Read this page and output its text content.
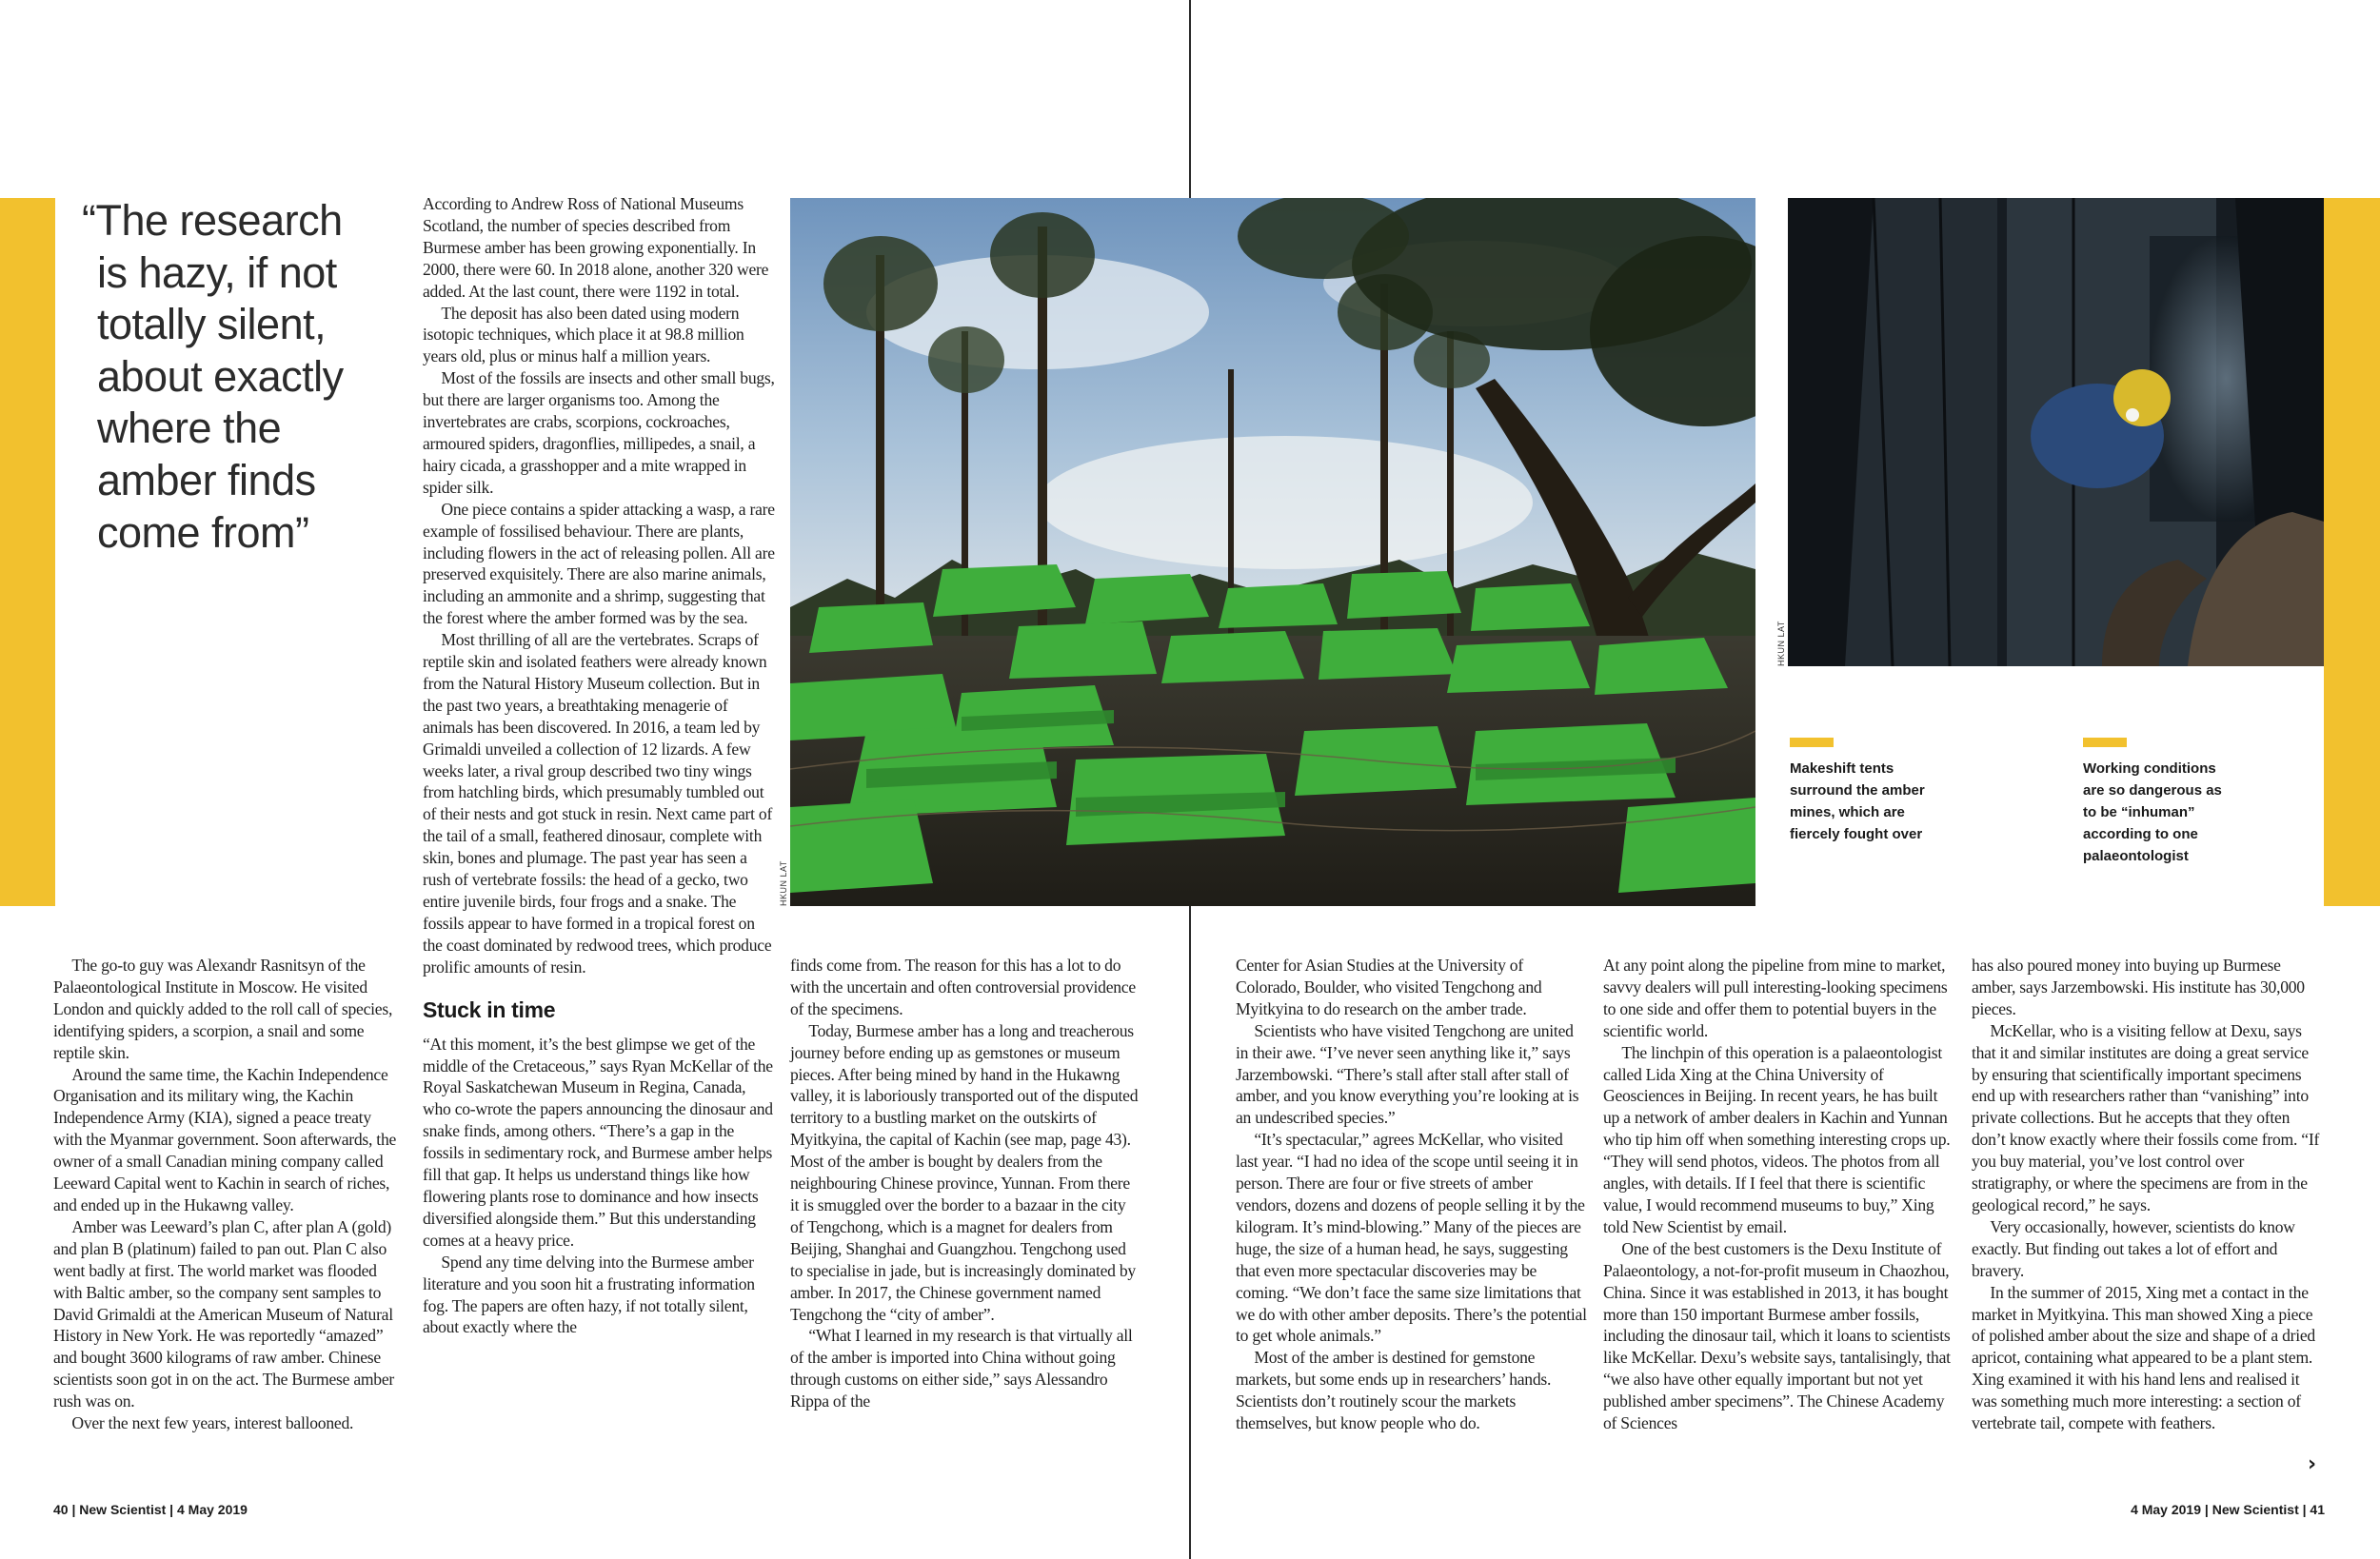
“The research
is hazy, if not
totally silent,
about exactly
where the
amber finds
come from”

According to Andrew Ross of National Museums Scotland, the number of species described from Burmese amber has been growing exponentially. In 2000, there were 60. In 2018 alone, another 320 were added. At the last count, there were 1192 in total.

The deposit has also been dated using modern isotopic techniques, which place it at 98.8 million years old, plus or minus half a million years.

Most of the fossils are insects and other small bugs, but there are larger organisms too. Among the invertebrates are crabs, scorpions, cockroaches, armoured spiders, dragonflies, millipedes, a snail, a hairy cicada, a grasshopper and a mite wrapped in spider silk.

One piece contains a spider attacking a wasp, a rare example of fossilised behaviour. There are plants, including flowers in the act of releasing pollen. All are preserved exquisitely. There are also marine animals, including an ammonite and a shrimp, suggesting that the forest where the amber formed was by the sea.

Most thrilling of all are the vertebrates. Scraps of reptile skin and isolated feathers were already known from the Natural History Museum collection. But in the past two years, a breathtaking menagerie of animals has been discovered. In 2016, a team led by Grimaldi unveiled a collection of 12 lizards. A few weeks later, a rival group described two tiny wings from hatchling birds, which presumably tumbled out of their nests and got stuck in resin. Next came part of the tail of a small, feathered dinosaur, complete with skin, bones and plumage. The past year has seen a rush of vertebrate fossils: the head of a gecko, two entire juvenile birds, four frogs and a snake. The fossils appear to have formed in a tropical forest on the coast dominated by redwood trees, which produce prolific amounts of resin.

Stuck in time

“At this moment, it’s the best glimpse we get of the middle of the Cretaceous,” says Ryan McKellar of the Royal Saskatchewan Museum in Regina, Canada, who co-wrote the papers announcing the dinosaur and snake finds, among others. “There’s a gap in the fossils in sedimentary rock, and Burmese amber helps fill that gap. It helps us understand things like how flowering plants rose to dominance and how insects diversified alongside them.” But this understanding comes at a heavy price.

Spend any time delving into the Burmese amber literature and you soon hit a frustrating information fog. The papers are often hazy, if not totally silent, about exactly where the

HKUN LAT
HKUN LAT
Makeshift tents
surround the amber
mines, which are
fiercely fought over
Working conditions
are so dangerous as
to be “inhuman”
according to one
palaeontologist

The go-to guy was Alexandr Rasnitsyn of the Palaeontological Institute in Moscow. He visited London and quickly added to the roll call of species, identifying spiders, a scorpion, a snail and some reptile skin.

Around the same time, the Kachin Independence Organisation and its military wing, the Kachin Independence Army (KIA), signed a peace treaty with the Myanmar government. Soon afterwards, the owner of a small Canadian mining company called Leeward Capital went to Kachin in search of riches, and ended up in the Hukawng valley.

Amber was Leeward’s plan C, after plan A (gold) and plan B (platinum) failed to pan out. Plan C also went badly at first. The world market was flooded with Baltic amber, so the company sent samples to David Grimaldi at the American Museum of Natural History in New York. He was reportedly “amazed” and bought 3600 kilograms of raw amber. Chinese scientists soon got in on the act. The Burmese amber rush was on.

Over the next few years, interest ballooned.

finds come from. The reason for this has a lot to do with the uncertain and often controversial providence of the specimens.

Today, Burmese amber has a long and treacherous journey before ending up as gemstones or museum pieces. After being mined by hand in the Hukawng valley, it is laboriously transported out of the disputed territory to a bustling market on the outskirts of Myitkyina, the capital of Kachin (see map, page 43). Most of the amber is bought by dealers from the neighbouring Chinese province, Yunnan. From there it is smuggled over the border to a bazaar in the city of Tengchong, which is a magnet for dealers from Beijing, Shanghai and Guangzhou. Tengchong used to specialise in jade, but is increasingly dominated by amber. In 2017, the Chinese government named Tengchong the “city of amber”.

“What I learned in my research is that virtually all of the amber is imported into China without going through customs on either side,” says Alessandro Rippa of the

Center for Asian Studies at the University of Colorado, Boulder, who visited Tengchong and Myitkyina to do research on the amber trade.

Scientists who have visited Tengchong are united in their awe. “I’ve never seen anything like it,” says Jarzembowski. “There’s stall after stall after stall of amber, and you know everything you’re looking at is an undescribed species.”

“It’s spectacular,” agrees McKellar, who visited last year. “I had no idea of the scope until seeing it in person. There are four or five streets of amber vendors, dozens and dozens of people selling it by the kilogram. It’s mind-blowing.” Many of the pieces are huge, the size of a human head, he says, suggesting that even more spectacular discoveries may be coming. “We don’t face the same size limitations that we do with other amber deposits. There’s the potential to get whole animals.”

Most of the amber is destined for gemstone markets, but some ends up in researchers’ hands. Scientists don’t routinely scour the markets themselves, but know people who do.

At any point along the pipeline from mine to market, savvy dealers will pull interesting-looking specimens to one side and offer them to potential buyers in the scientific world.

The linchpin of this operation is a palaeontologist called Lida Xing at the China University of Geosciences in Beijing. In recent years, he has built up a network of amber dealers in Kachin and Yunnan who tip him off when something interesting crops up. “They will send photos, videos. The photos from all angles, with details. If I feel that there is scientific value, I would recommend museums to buy,” Xing told New Scientist by email.

One of the best customers is the Dexu Institute of Palaeontology, a not-for-profit museum in Chaozhou, China. Since it was established in 2013, it has bought more than 150 important Burmese amber fossils, including the dinosaur tail, which it loans to scientists like McKellar. Dexu’s website says, tantalisingly, that “we also have other equally important but not yet published amber specimens”. The Chinese Academy of Sciences

has also poured money into buying up Burmese amber, says Jarzembowski. His institute has 30,000 pieces.

McKellar, who is a visiting fellow at Dexu, says that it and similar institutes are doing a great service by ensuring that scientifically important specimens end up with researchers rather than “vanishing” into private collections. But he accepts that they often don’t know exactly where their fossils come from. “If you buy material, you’ve lost control over stratigraphy, or where the specimens are from in the geological record,” he says.

Very occasionally, however, scientists do know exactly. But finding out takes a lot of effort and bravery.

In the summer of 2015, Xing met a contact in the market in Myitkyina. This man showed Xing a piece of polished amber about the size and shape of a dried apricot, containing what appeared to be a plant stem. Xing examined it with his hand lens and realised it was something much more interesting: a section of vertebrate tail, compete with feathers.

›
40 | New Scientist | 4 May 2019	4 May 2019 | New Scientist | 41
